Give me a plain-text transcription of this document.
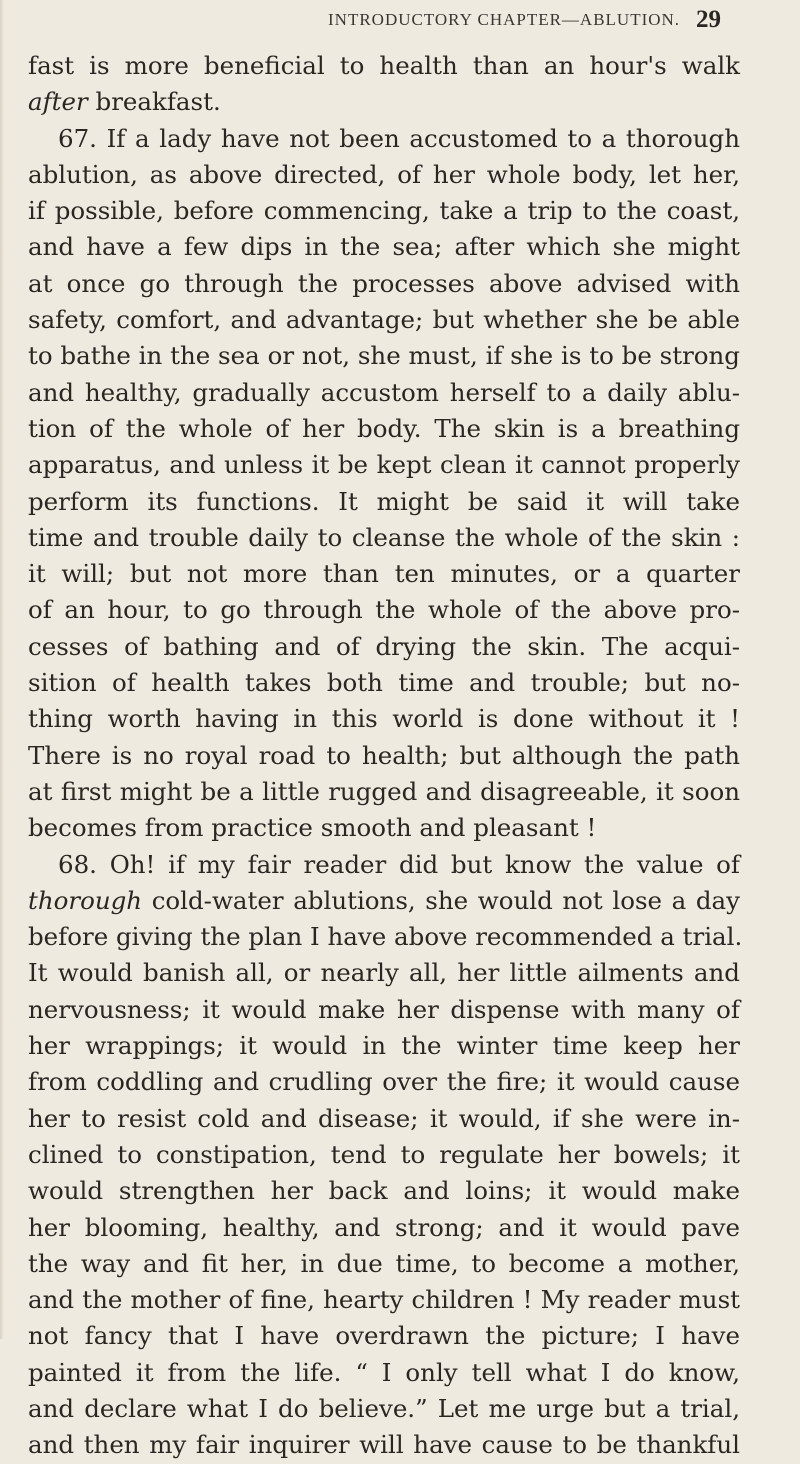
INTRODUCTORY CHAPTER—ABLUTION. 29
fast is more beneficial to health than an hour's walk
after breakfast.
67. If a lady have not been accustomed to a thorough
ablution, as above directed, of her whole body, let her,
if possible, before commencing, take a trip to the coast,
and have a few dips in the sea; after which she might
at once go through the processes above advised with
safety, comfort, and advantage; but whether she be able
to bathe in the sea or not, she must, if she is to be strong
and healthy, gradually accustom herself to a daily ablu-
tion of the whole of her body. The skin is a breathing
apparatus, and unless it be kept clean it cannot properly
perform its functions. It might be said it will take
time and trouble daily to cleanse the whole of the skin :
it will; but not more than ten minutes, or a quarter
of an hour, to go through the whole of the above pro-
cesses of bathing and of drying the skin. The acqui-
sition of health takes both time and trouble; but no-
thing worth having in this world is done without it !
There is no royal road to health; but although the path
at first might be a little rugged and disagreeable, it soon
becomes from practice smooth and pleasant !
68. Oh! if my fair reader did but know the value of
thorough cold-water ablutions, she would not lose a day
before giving the plan I have above recommended a trial.
It would banish all, or nearly all, her little ailments and
nervousness; it would make her dispense with many of
her wrappings; it would in the winter time keep her
from coddling and crudling over the fire; it would cause
her to resist cold and disease; it would, if she were in-
clined to constipation, tend to regulate her bowels; it
would strengthen her back and loins; it would make
her blooming, healthy, and strong; and it would pave
the way and fit her, in due time, to become a mother,
and the mother of fine, hearty children ! My reader must
not fancy that I have overdrawn the picture; I have
painted it from the life. “ I only tell what I do know,
and declare what I do believe.” Let me urge but a trial,
and then my fair inquirer will have cause to be thankful
